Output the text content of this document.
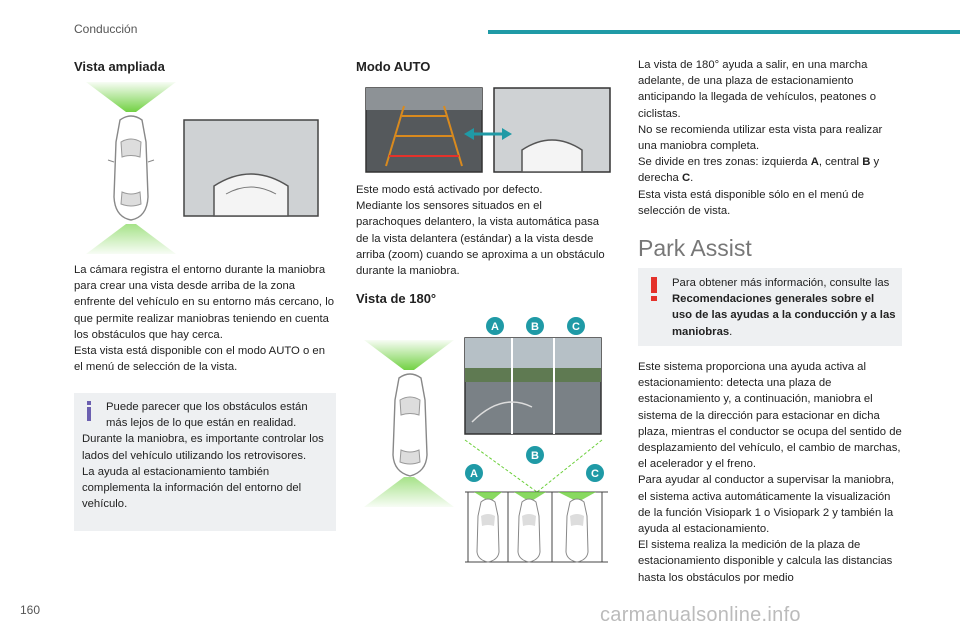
Conducción
Vista ampliada

La cámara registra el entorno durante la maniobra para crear una vista desde arriba de la zona enfrente del vehículo en su entorno más cercano, lo que permite realizar maniobras teniendo en cuenta los obstáculos que hay cerca.

Esta vista está disponible con el modo AUTO o en el menú de selección de la vista.

Puede parecer que los obstáculos están más lejos de lo que están en realidad.
Durante la maniobra, es importante controlar los lados del vehículo utilizando los retrovisores.
La ayuda al estacionamiento también complementa la información del entorno del vehículo.
Modo AUTO

Este modo está activado por defecto.

Mediante los sensores situados en el parachoques delantero, la vista automática pasa de la vista delantera (estándar) a la vista desde arriba (zoom) cuando se aproxima a un obstáculo durante la maniobra.

Vista de 180°
A	B	C
B
A	C

La vista de 180° ayuda a salir, en una marcha adelante, de una plaza de estacionamiento anticipando la llegada de vehículos, peatones o ciclistas.

No se recomienda utilizar esta vista para realizar una maniobra completa.

Se divide en tres zonas: izquierda A, central B y derecha C.

Esta vista está disponible sólo en el menú de selección de vista.

Park Assist
Para obtener más información, consulte las Recomendaciones generales sobre el uso de las ayudas a la conducción y a las maniobras.

Este sistema proporciona una ayuda activa al estacionamiento: detecta una plaza de estacionamiento y, a continuación, maniobra el sistema de la dirección para estacionar en dicha plaza, mientras el conductor se ocupa del sentido de desplazamiento del vehículo, el cambio de marchas, el acelerador y el freno.

Para ayudar al conductor a supervisar la maniobra, el sistema activa automáticamente la visualización de la función Visiopark 1 o Visiopark 2 y también la ayuda al estacionamiento.

El sistema realiza la medición de la plaza de estacionamiento disponible y calcula las distancias hasta los obstáculos por medio

160	carmanualsonline.info
